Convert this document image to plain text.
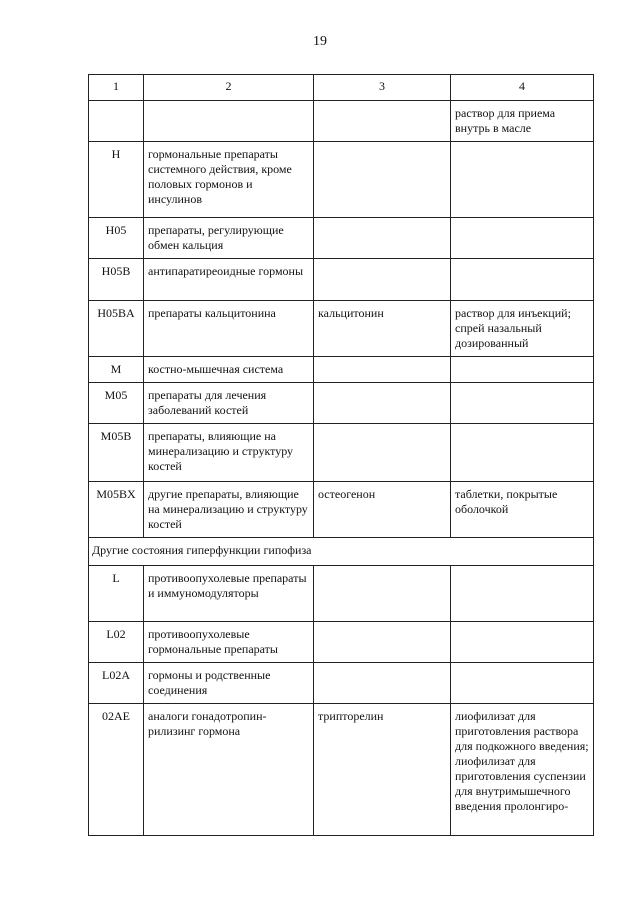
19
1	2	3	4
			раствор для приема внутрь в масле
H	гормональные препараты системного действия, кроме половых гормонов и инсулинов		
H05	препараты, регулирующие обмен кальция		
H05B	антипаратиреоидные гормоны		
H05BA	препараты кальцитонина	кальцитонин	раствор для инъекций; спрей назальный дозированный
M	костно-мышечная система		
M05	препараты для лечения заболеваний костей		
M05B	препараты, влияющие на минерализацию и структуру костей		
M05BX	другие препараты, влияющие на минерализацию и структуру костей	остеогенон	таблетки, покрытые оболочкой
Другие состояния гиперфункции гипофиза			
L	противоопухолевые препараты и иммуномодуляторы		
L02	противоопухолевые гормональные препараты		
L02A	гормоны и родственные соединения		
02AE	аналоги гонадотропин-рилизинг гормона	трипторелин	лиофилизат для приготовления раствора для подкожного введения; лиофилизат для приготовления суспензии для внутримышечного введения пролонгиро-
